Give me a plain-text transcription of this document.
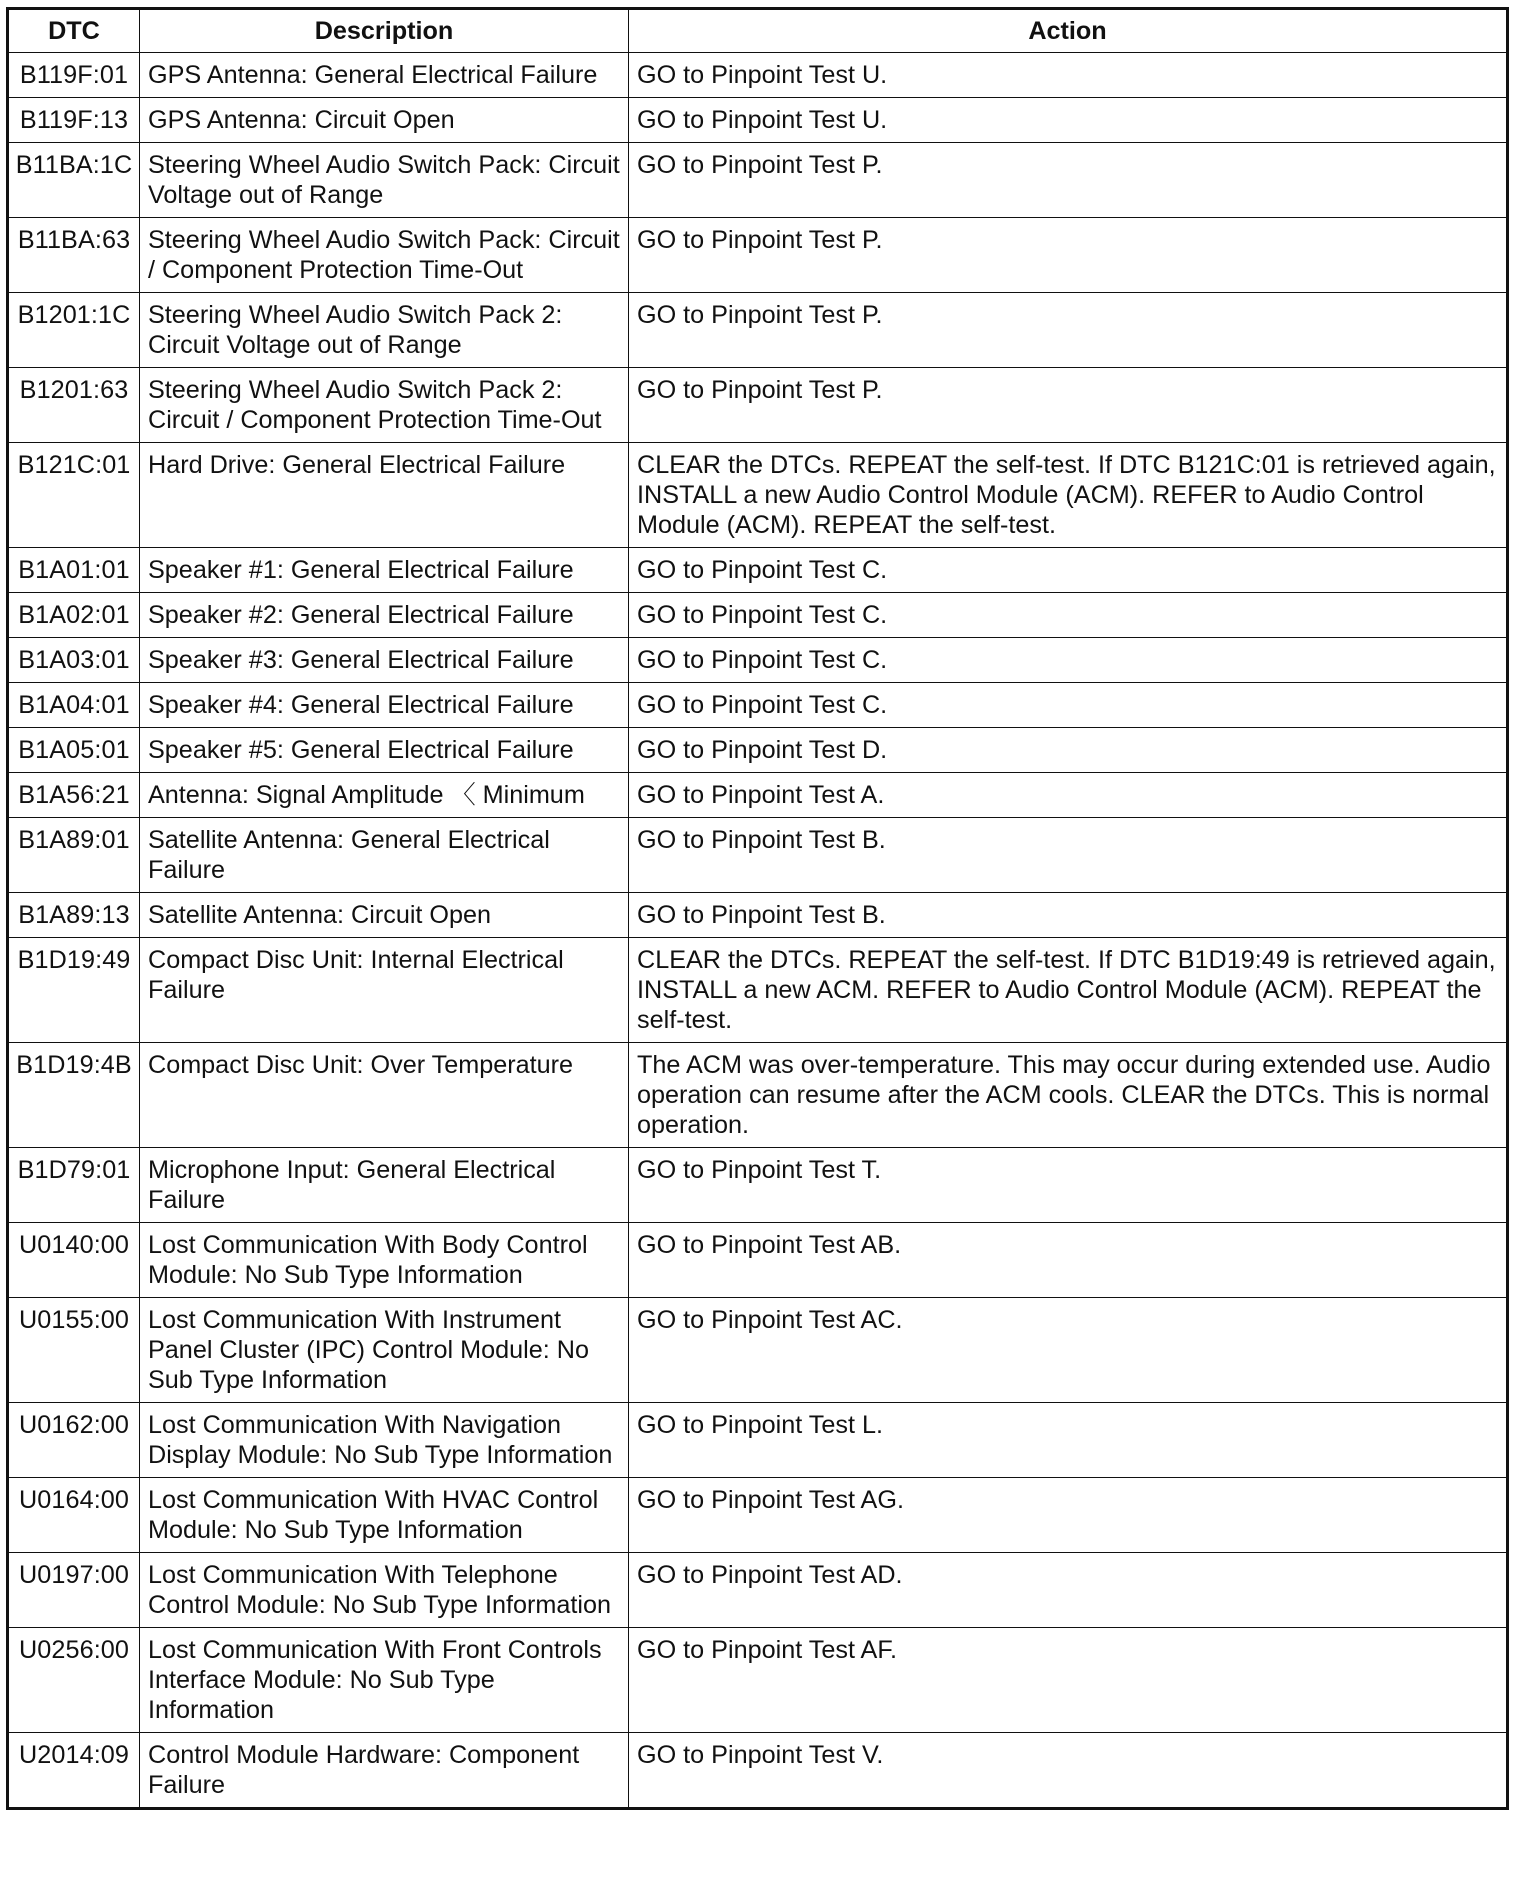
DTC	Description	Action
B119F:01	GPS Antenna: General Electrical Failure	GO to Pinpoint Test U.
B119F:13	GPS Antenna: Circuit Open	GO to Pinpoint Test U.
B11BA:1C	Steering Wheel Audio Switch Pack: Circuit Voltage out of Range	GO to Pinpoint Test P.
B11BA:63	Steering Wheel Audio Switch Pack: Circuit / Component Protection Time-Out	GO to Pinpoint Test P.
B1201:1C	Steering Wheel Audio Switch Pack 2: Circuit Voltage out of Range	GO to Pinpoint Test P.
B1201:63	Steering Wheel Audio Switch Pack 2: Circuit / Component Protection Time-Out	GO to Pinpoint Test P.
B121C:01	Hard Drive: General Electrical Failure	CLEAR the DTCs. REPEAT the self-test. If DTC B121C:01 is retrieved again, INSTALL a new Audio Control Module (ACM). REFER to Audio Control Module (ACM). REPEAT the self-test.
B1A01:01	Speaker #1: General Electrical Failure	GO to Pinpoint Test C.
B1A02:01	Speaker #2: General Electrical Failure	GO to Pinpoint Test C.
B1A03:01	Speaker #3: General Electrical Failure	GO to Pinpoint Test C.
B1A04:01	Speaker #4: General Electrical Failure	GO to Pinpoint Test C.
B1A05:01	Speaker #5: General Electrical Failure	GO to Pinpoint Test D.
B1A56:21	Antenna: Signal Amplitude 〈 Minimum	GO to Pinpoint Test A.
B1A89:01	Satellite Antenna: General Electrical Failure	GO to Pinpoint Test B.
B1A89:13	Satellite Antenna: Circuit Open	GO to Pinpoint Test B.
B1D19:49	Compact Disc Unit: Internal Electrical Failure	CLEAR the DTCs. REPEAT the self-test. If DTC B1D19:49 is retrieved again, INSTALL a new ACM. REFER to Audio Control Module (ACM). REPEAT the self-test.
B1D19:4B	Compact Disc Unit: Over Temperature	The ACM was over-temperature. This may occur during extended use. Audio operation can resume after the ACM cools. CLEAR the DTCs. This is normal operation.
B1D79:01	Microphone Input: General Electrical Failure	GO to Pinpoint Test T.
U0140:00	Lost Communication With Body Control Module: No Sub Type Information	GO to Pinpoint Test AB.
U0155:00	Lost Communication With Instrument Panel Cluster (IPC) Control Module: No Sub Type Information	GO to Pinpoint Test AC.
U0162:00	Lost Communication With Navigation Display Module: No Sub Type Information	GO to Pinpoint Test L.
U0164:00	Lost Communication With HVAC Control Module: No Sub Type Information	GO to Pinpoint Test AG.
U0197:00	Lost Communication With Telephone Control Module: No Sub Type Information	GO to Pinpoint Test AD.
U0256:00	Lost Communication With Front Controls Interface Module: No Sub Type Information	GO to Pinpoint Test AF.
U2014:09	Control Module Hardware: Component Failure	GO to Pinpoint Test V.
